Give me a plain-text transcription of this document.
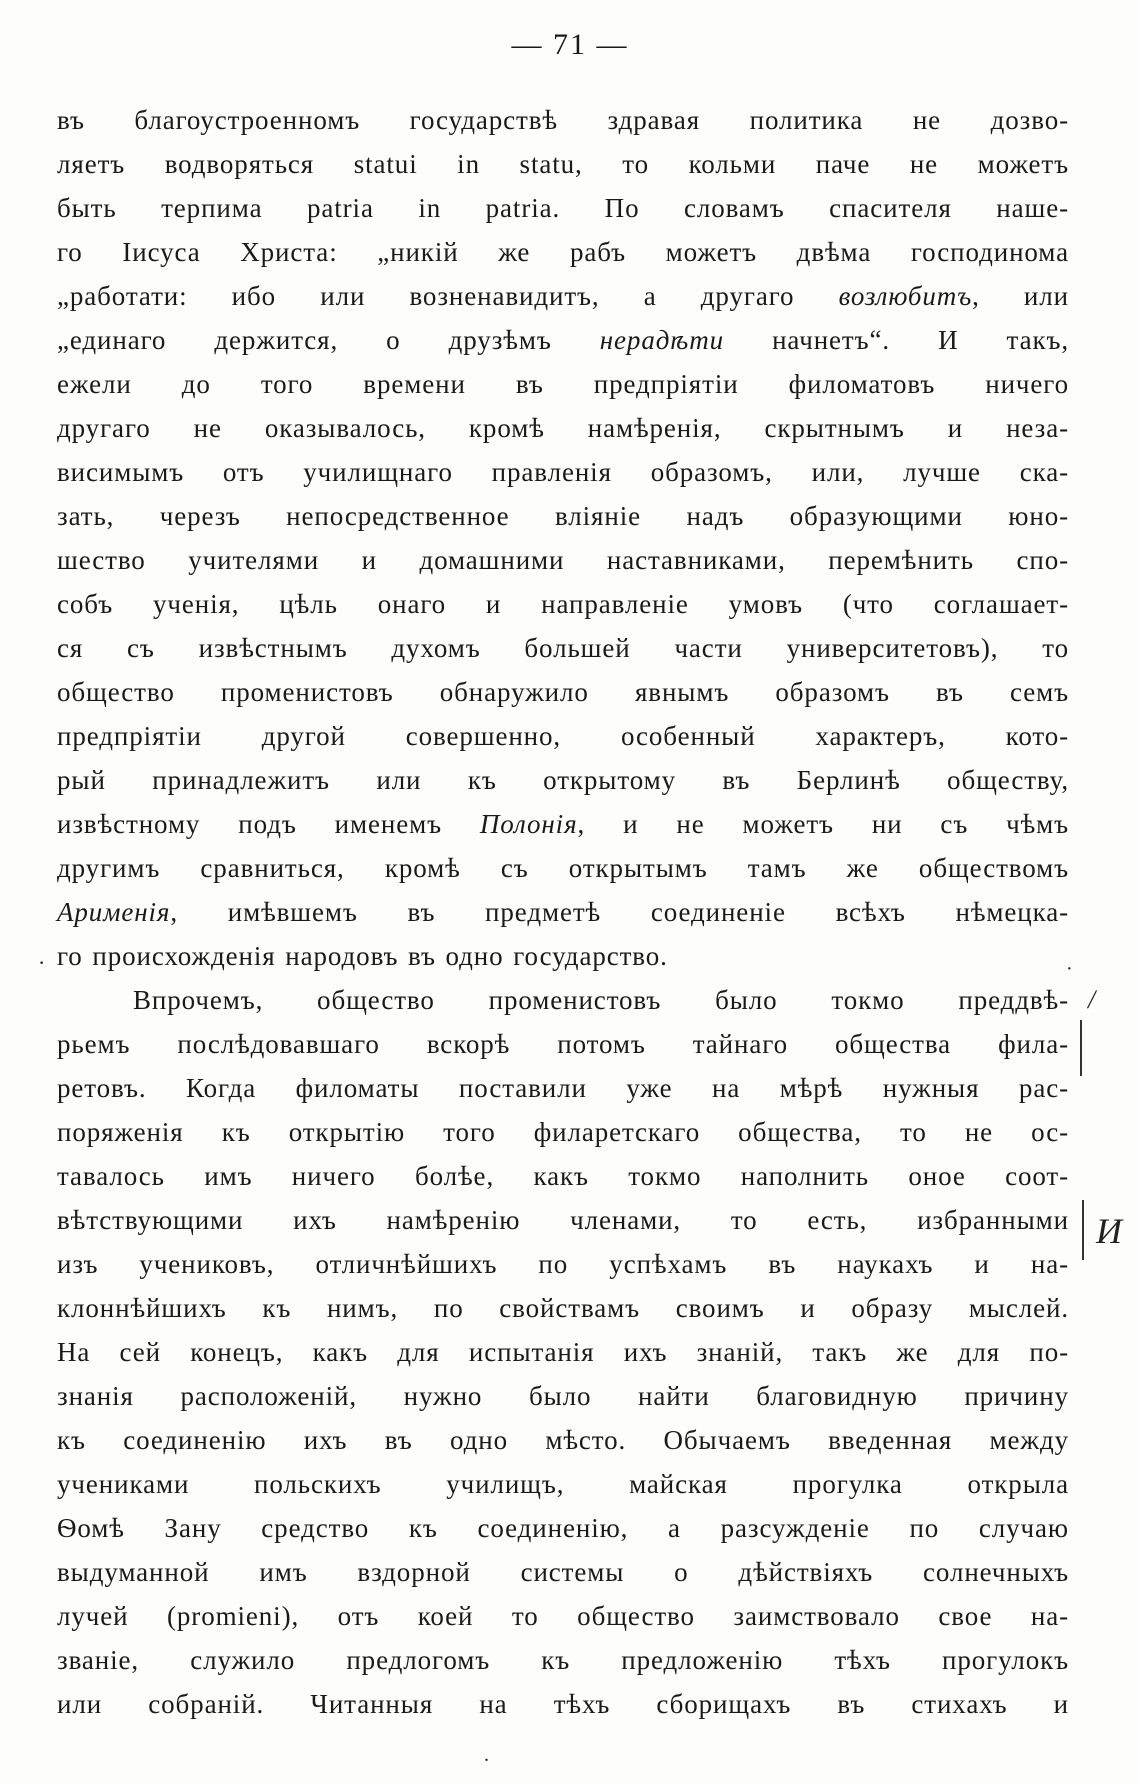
— 71 —
въ благоустроенномъ государствѣ здравая политика не дозво-
ляетъ водворяться statui in statu, то кольми паче не можетъ
быть терпима patria in patria. По словамъ спасителя наше-
го Іисуса Христа: „никій же рабъ можетъ двѣма господинома
„работати: ибо или возненавидитъ, а другаго возлюбитъ, или
„единаго держится, о друзѣмъ нерадѣти начнетъ“. И такъ,
ежели до того времени въ предпріятіи филоматовъ ничего
другаго не оказывалось, кромѣ намѣренія, скрытнымъ и неза-
висимымъ отъ училищнаго правленія образомъ, или, лучше ска-
зать, черезъ непосредственное вліяніе надъ образующими юно-
шество учителями и домашними наставниками, перемѣнить спо-
собъ ученія, цѣль онаго и направленіе умовъ (что соглашает-
ся съ извѣстнымъ духомъ большей части университетовъ), то
общество променистовъ обнаружило явнымъ образомъ въ семъ
предпріятіи другой совершенно, особенный характеръ, кото-
рый принадлежитъ или къ открытому въ Берлинѣ обществу,
извѣстному подъ именемъ Полонія, и не можетъ ни съ чѣмъ
другимъ сравниться, кромѣ съ открытымъ тамъ же обществомъ
Арименія, имѣвшемъ въ предметѣ соединеніе всѣхъ нѣмецка-
го происхожденія народовъ въ одно государство.
Впрочемъ, общество променистовъ было токмо преддвѣ-
рьемъ послѣдовавшаго вскорѣ потомъ тайнаго общества фила-
ретовъ. Когда филоматы поставили уже на мѣрѣ нужныя рас-
поряженія къ открытію того филаретскаго общества, то не ос-
тавалось имъ ничего болѣе, какъ токмо наполнить оное соот-
вѣтствующими ихъ намѣренію членами, то есть, избранными
изъ учениковъ, отличнѣйшихъ по успѣхамъ въ наукахъ и на-
клоннѣйшихъ къ нимъ, по свойствамъ своимъ и образу мыслей.
На сей конецъ, какъ для испытанія ихъ знаній, такъ же для по-
знанія расположеній, нужно было найти благовидную причину
къ соединенію ихъ въ одно мѣсто. Обычаемъ введенная между
учениками польскихъ училищъ, майская прогулка открыла
Ѳомѣ Зану средство къ соединенію, а разсужденіе по случаю
выдуманной имъ вздорной системы о дѣйствіяхъ солнечныхъ
лучей (promieni), отъ коей то общество заимствовало свое на-
званіе, служило предлогомъ къ предложенію тѣхъ прогулокъ
или собраній. Читанныя на тѣхъ сборищахъ въ стихахъ и
·	·
/
И
.
